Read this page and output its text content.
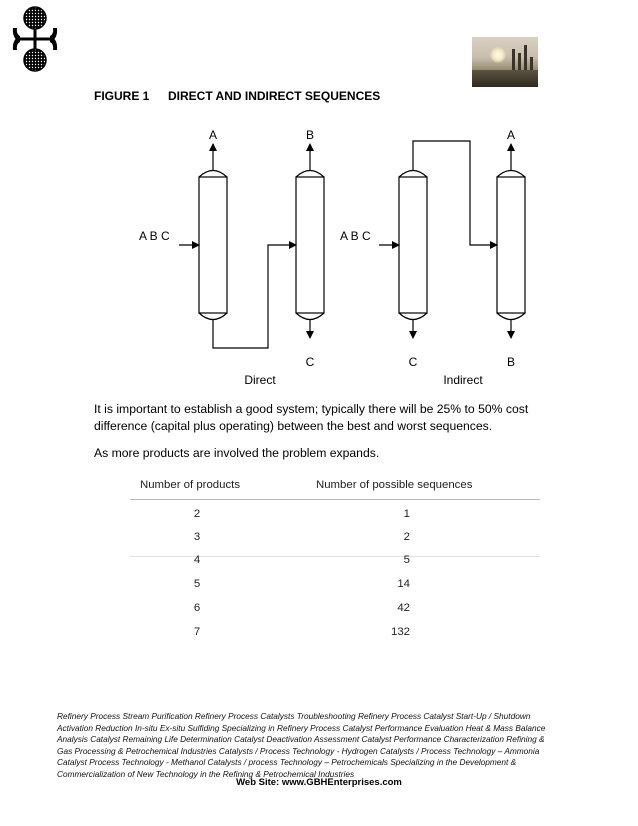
FIGURE 1 DIRECT AND INDIRECT SEQUENCES
A B C
A	B
C
Direct
A B C
C
A
B
Indirect
It is important to establish a good system; typically there will be 25% to 50% cost difference (capital plus operating) between the best and worst sequences.
As more products are involved the problem expands.
Number of products	Number of possible sequences
2	1
3	2
4	5
5	14
6	42
7	132
Refinery Process Stream Purification Refinery Process Catalysts Troubleshooting Refinery Process Catalyst Start-Up / Shutdown Activation Reduction In-situ Ex-situ Sulfiding Specializing in Refinery Process Catalyst Performance Evaluation Heat & Mass Balance Analysis Catalyst Remaining Life Determination Catalyst Deactivation Assessment Catalyst Performance Characterization Refining & Gas Processing & Petrochemical Industries Catalysts / Process Technology - Hydrogen Catalysts / Process Technology – Ammonia Catalyst Process Technology - Methanol Catalysts / process Technology – Petrochemicals Specializing in the Development & Commercialization of New Technology in the Refining & Petrochemical Industries
Web Site: www.GBHEnterprises.com
